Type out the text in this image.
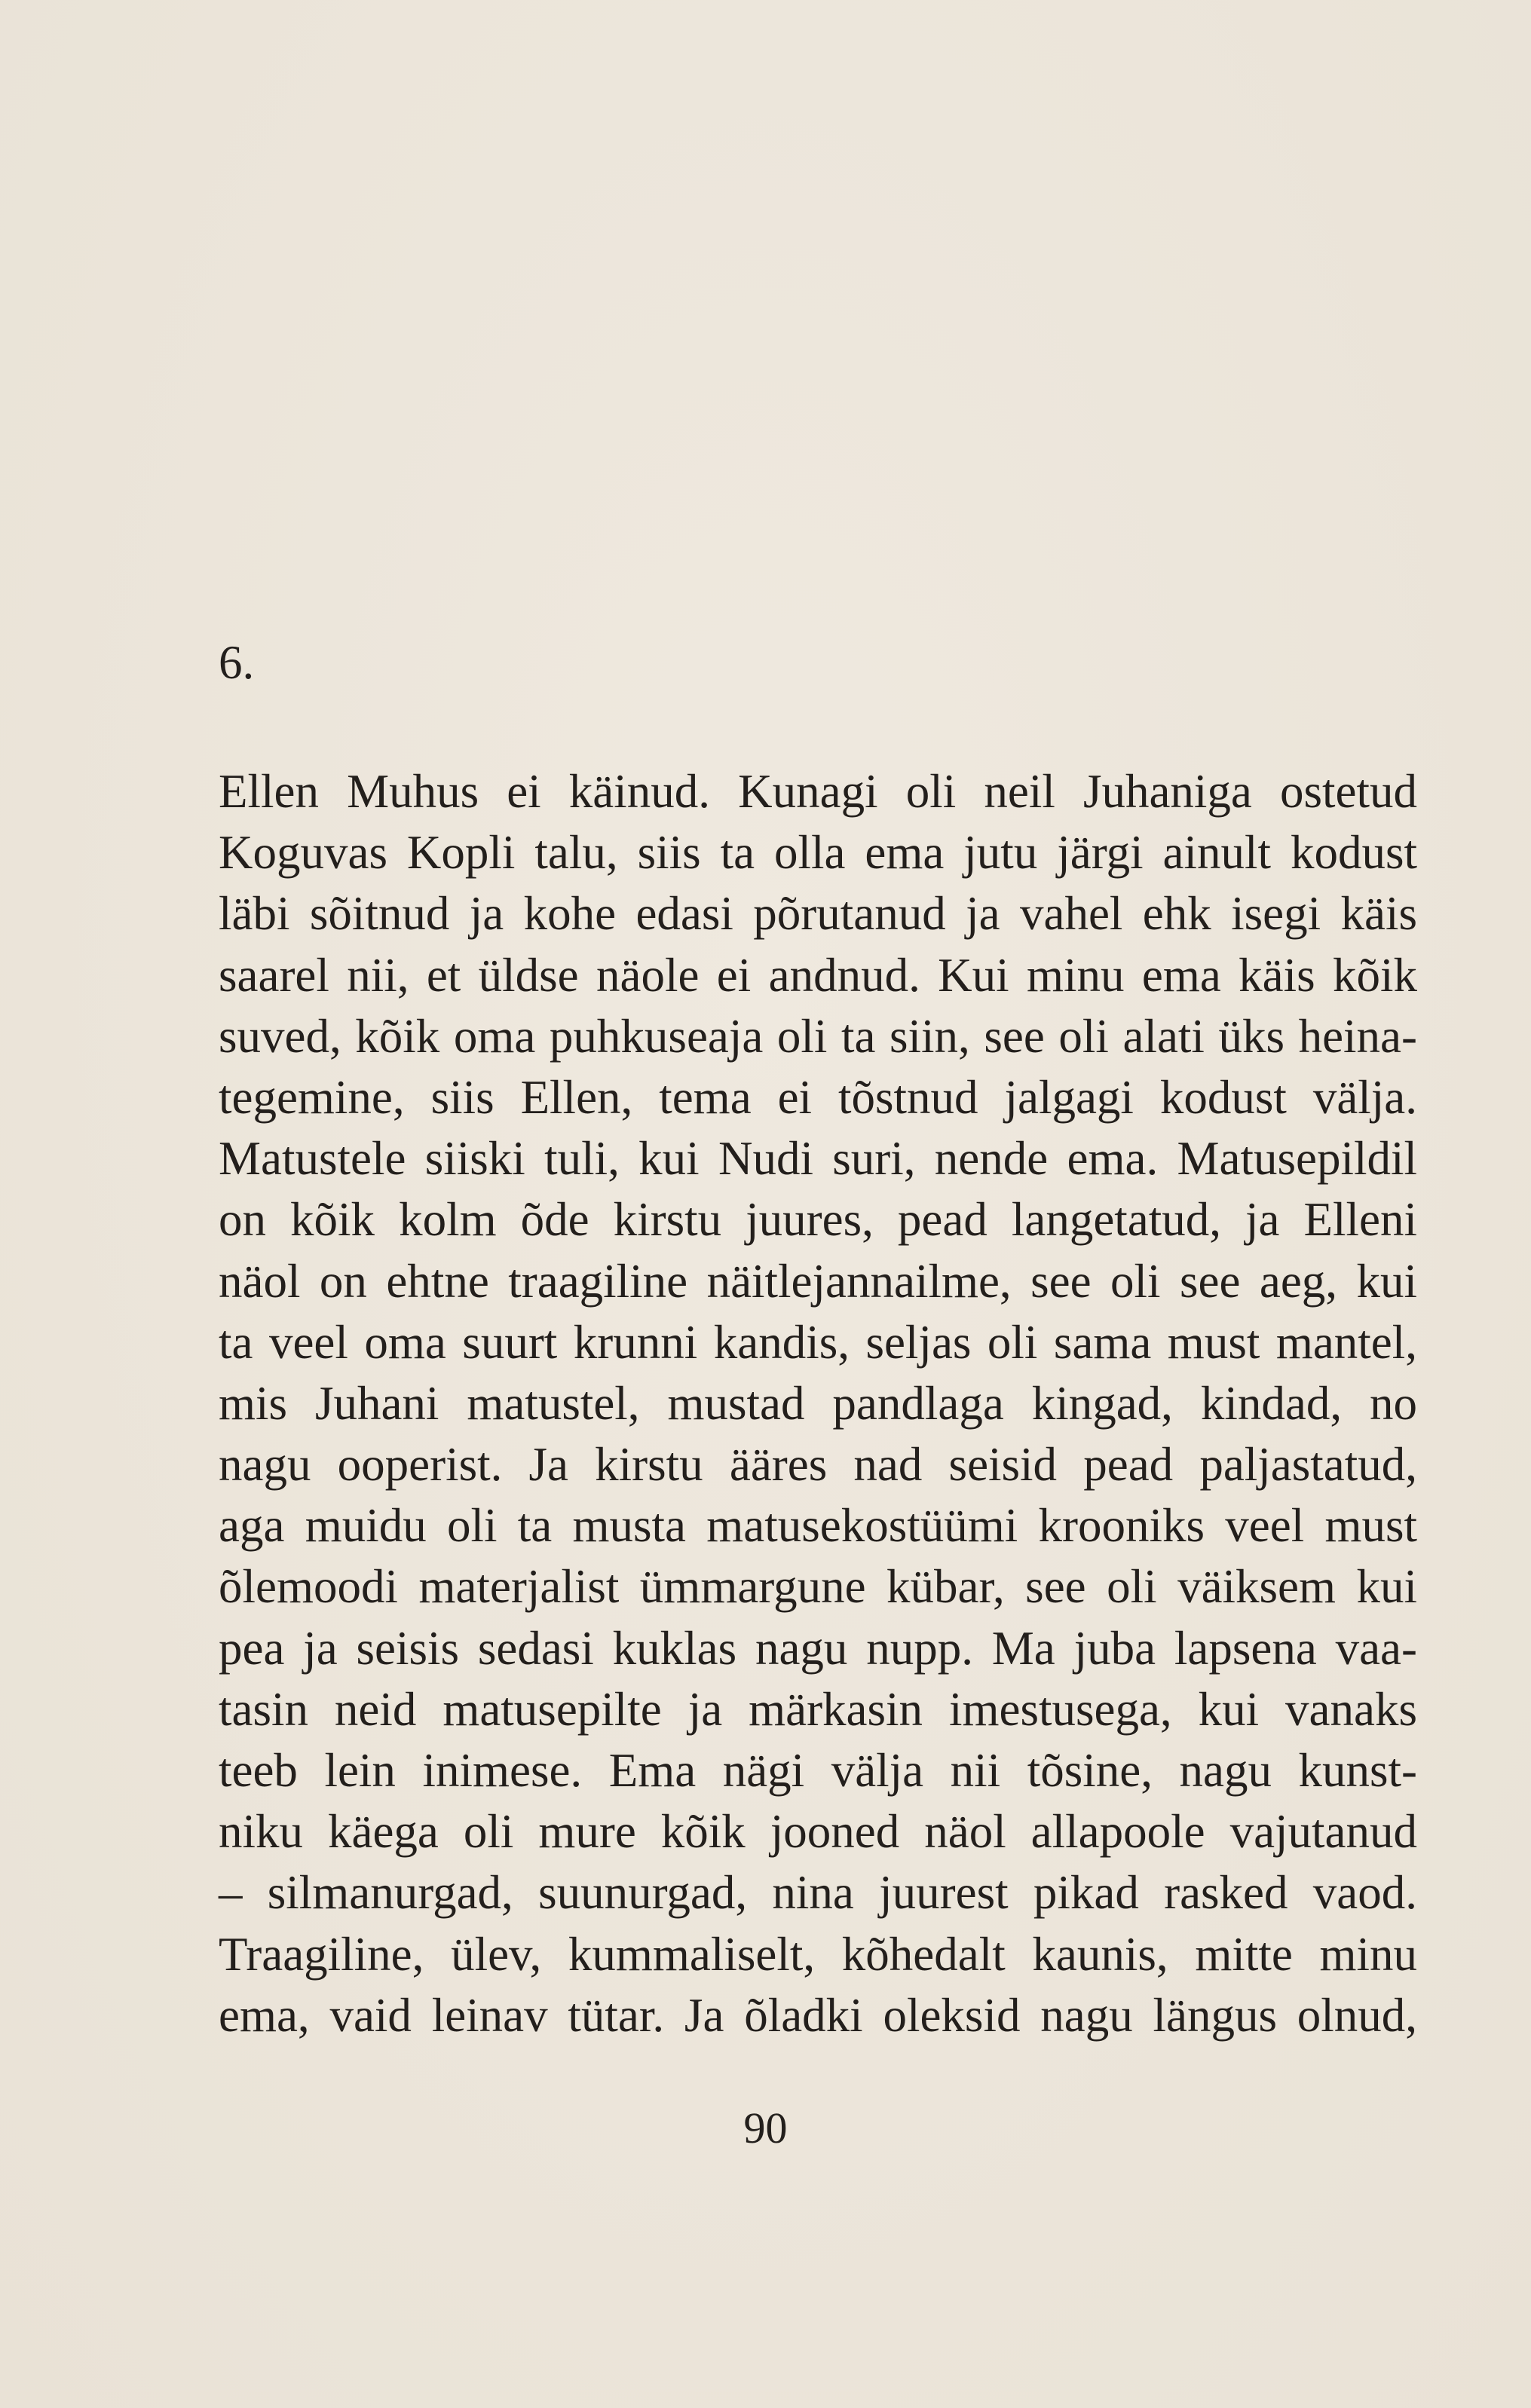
6.

Ellen Muhus ei käinud. Kunagi oli neil Juhaniga ostetud
Koguvas Kopli talu, siis ta olla ema jutu järgi ainult kodust
läbi sõitnud ja kohe edasi põrutanud ja vahel ehk isegi käis
saarel nii, et üldse näole ei andnud. Kui minu ema käis kõik
suved, kõik oma puhkuseaja oli ta siin, see oli alati üks heina-
tegemine, siis Ellen, tema ei tõstnud jalgagi kodust välja.
Matustele siiski tuli, kui Nudi suri, nende ema. Matusepildil
on kõik kolm õde kirstu juures, pead langetatud, ja Elleni
näol on ehtne traagiline näitlejannailme, see oli see aeg, kui
ta veel oma suurt krunni kandis, seljas oli sama must mantel,
mis Juhani matustel, mustad pandlaga kingad, kindad, no
nagu ooperist. Ja kirstu ääres nad seisid pead paljastatud,
aga muidu oli ta musta matusekostüümi krooniks veel must
õlemoodi materjalist ümmargune kübar, see oli väiksem kui
pea ja seisis sedasi kuklas nagu nupp. Ma juba lapsena vaa-
tasin neid matusepilte ja märkasin imestusega, kui vanaks
teeb lein inimese. Ema nägi välja nii tõsine, nagu kunst-
niku käega oli mure kõik jooned näol allapoole vajutanud
– silmanurgad, suunurgad, nina juurest pikad rasked vaod.
Traagiline, ülev, kummaliselt, kõhedalt kaunis, mitte minu
ema, vaid leinav tütar. Ja õladki oleksid nagu längus olnud,

90
